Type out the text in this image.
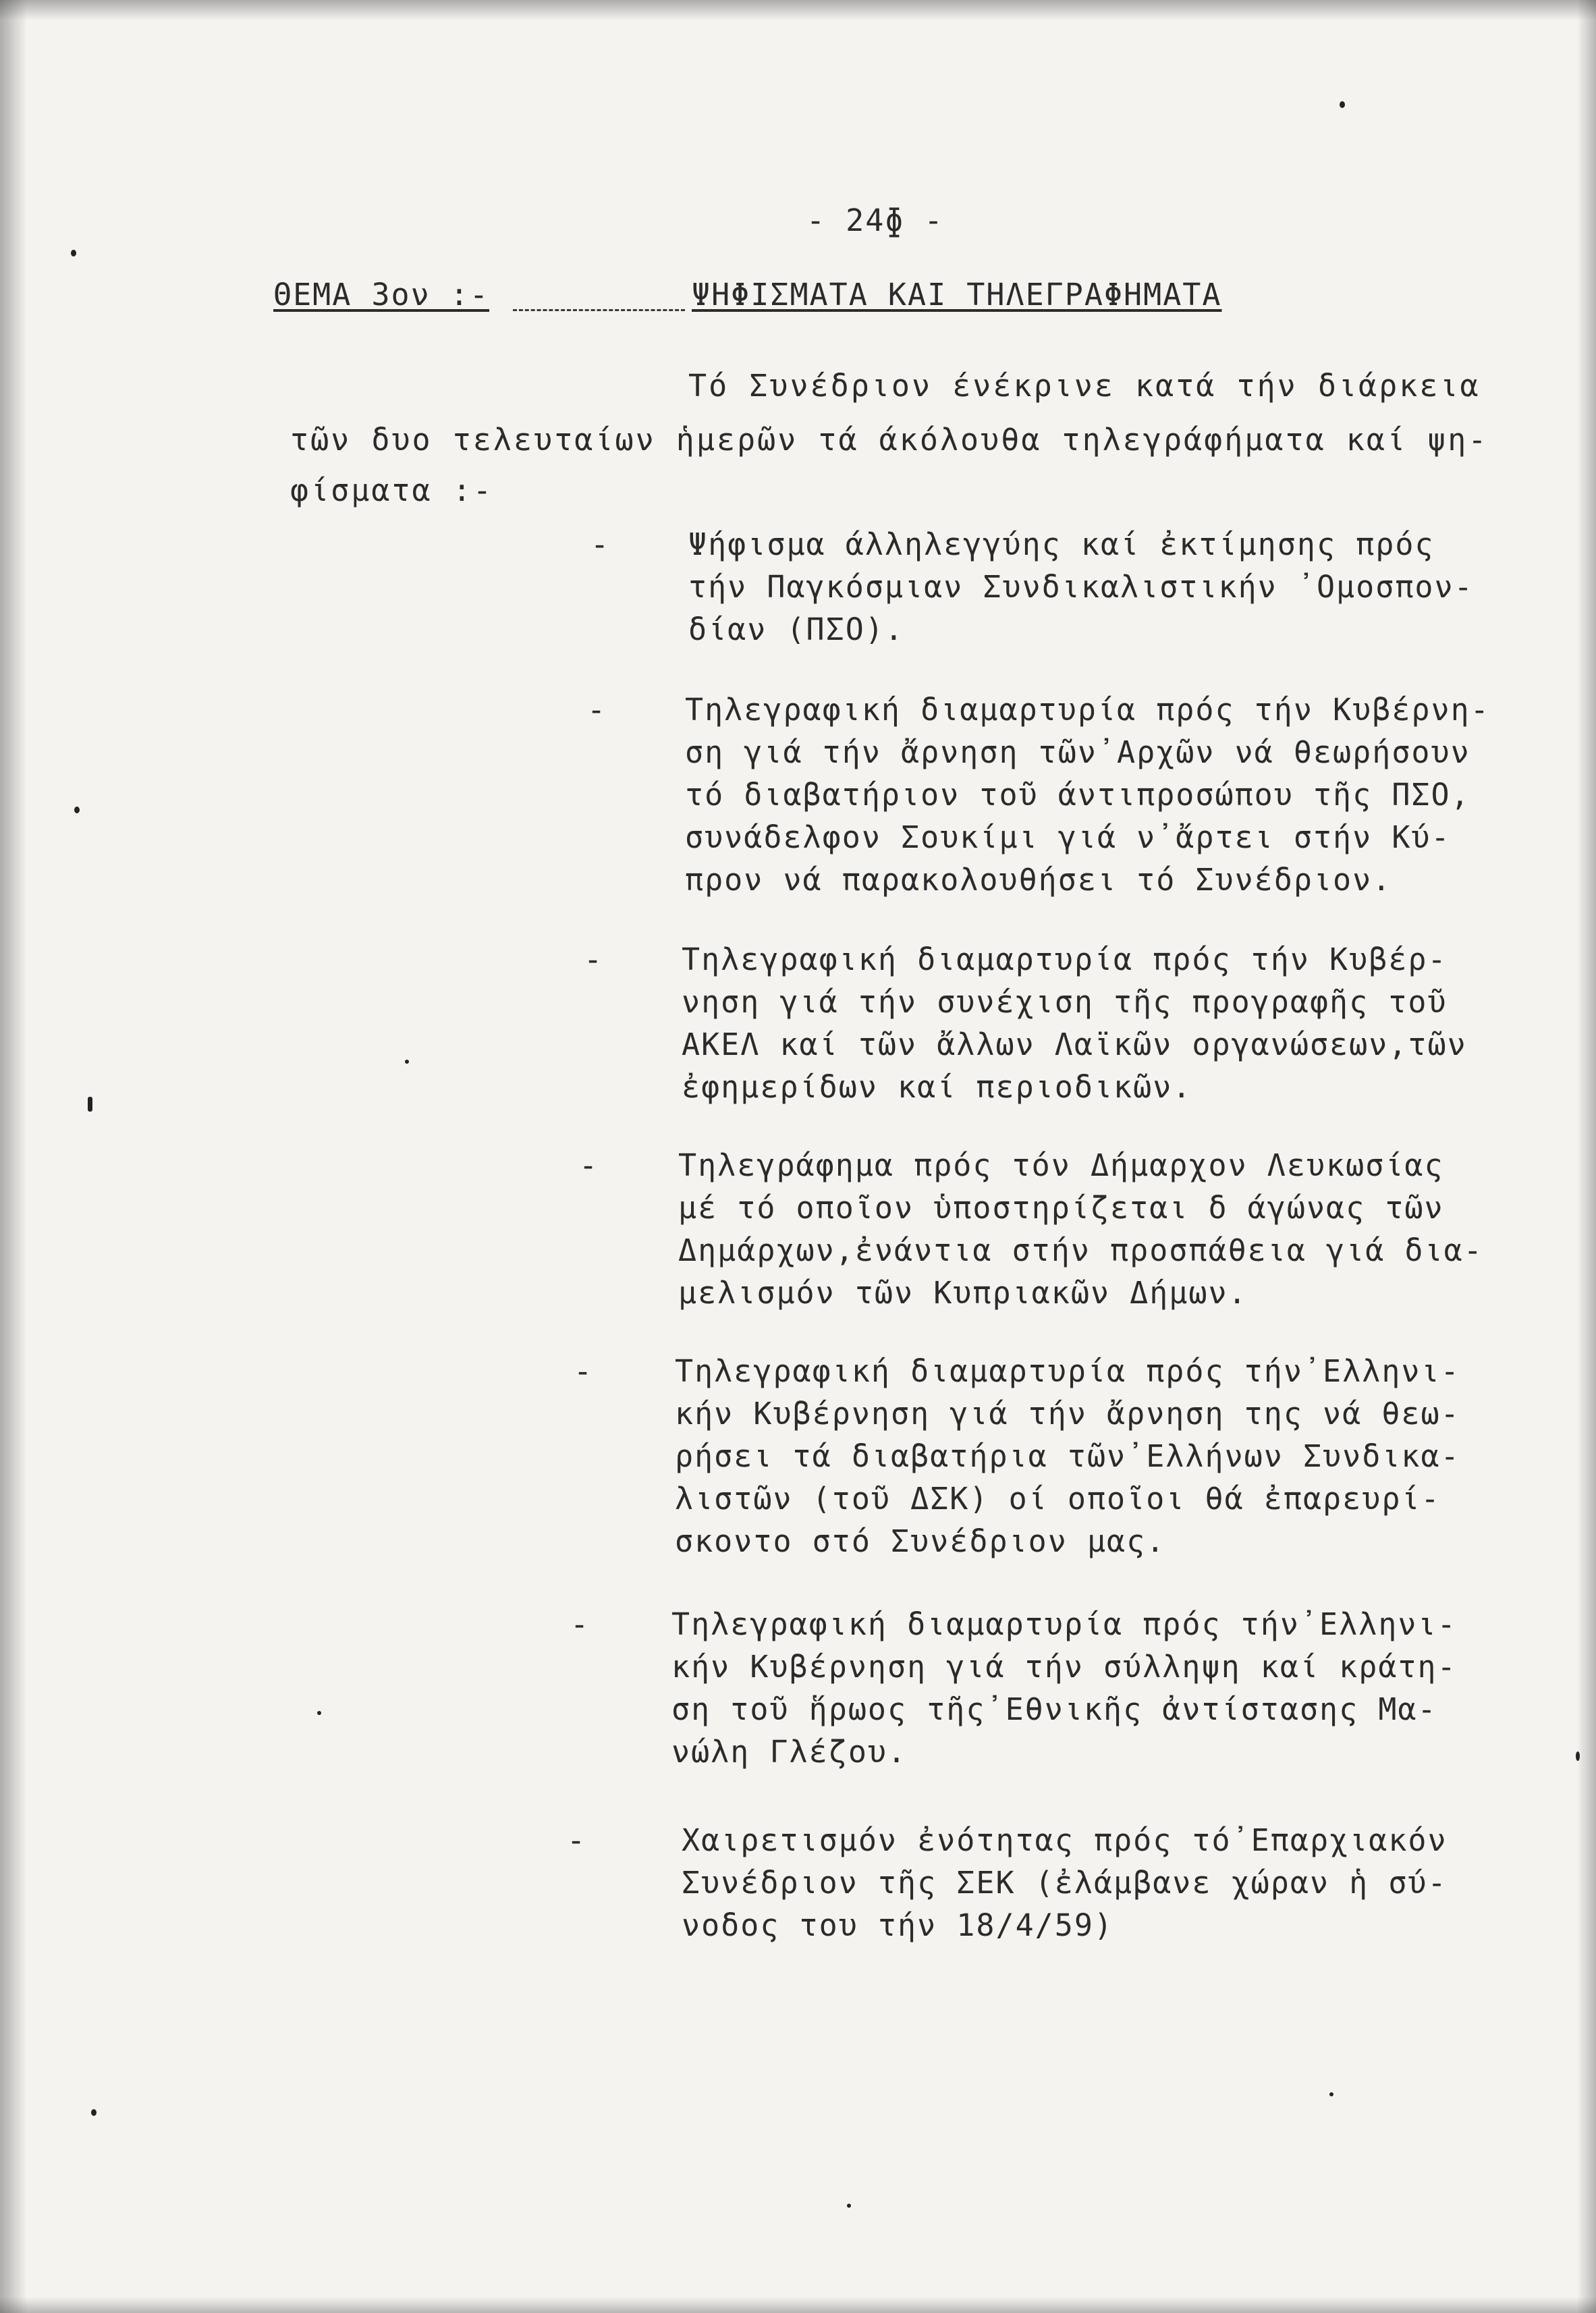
- 24ɸ -
ΘΕΜΑ 3ον :-	ΨΗΦΙΣΜΑΤΑ ΚΑΙ ΤΗΛΕΓΡΑΦΗΜΑΤΑ
Τό Συνέδριον ένέκρινε κατά τήν διάρκεια
τῶν δυο τελευταίων ἡμερῶν τά άκόλουθα τηλεγράφήματα καί ψη-
φίσματα :-
-	Ψήφισμα άλληλεγγύης καί ἐκτίμησης πρός
τήν Παγκόσμιαν Συνδικαλιστικήν ᾿Ομοσπον-
δίαν (ΠΣΟ).
-	Τηλεγραφική διαμαρτυρία πρός τήν Κυβέρνη-
ση γιά τήν ἄρνηση τῶν᾿Αρχῶν νά θεωρήσουν
τό διαβατήριον τοῦ άντιπροσώπου τῆς ΠΣΟ,
συνάδελφον Σουκίμι γιά ν᾿ἄρτει στήν Κύ-
προν νά παρακολουθήσει τό Συνέδριον.
-	Τηλεγραφική διαμαρτυρία πρός τήν Κυβέρ-
νηση γιά τήν συνέχιση τῆς προγραφῆς τοῦ
ΑΚΕΛ καί τῶν ἄλλων Λαϊκῶν οργανώσεων,τῶν
ἐφημερίδων καί περιοδικῶν.
-	Τηλεγράφημα πρός τόν Δήμαρχον Λευκωσίας
μέ τό οποῖον ὑποστηρίζεται δ άγώνας τῶν
Δημάρχων,ἐνάντια στήν προσπάθεια γιά δια-
μελισμόν τῶν Κυπριακῶν Δήμων.
-	Τηλεγραφική διαμαρτυρία πρός τήν᾿Ελληνι-
κήν Κυβέρνηση γιά τήν ἄρνηση της νά θεω-
ρήσει τά διαβατήρια τῶν᾿Ελλήνων Συνδικα-
λιστῶν (τοῦ ΔΣΚ) οί οποῖοι θά ἐπαρευρί-
σκοντο στό Συνέδριον μας.
-	Τηλεγραφική διαμαρτυρία πρός τήν᾿Ελληνι-
κήν Κυβέρνηση γιά τήν σύλληψη καί κράτη-
ση τοῦ ἥρωος τῆς᾿Εθνικῆς ἀντίστασης Μα-
νώλη Γλέζου.
-	Χαιρετισμόν ἐνότητας πρός τό᾿Επαρχιακόν
Συνέδριον τῆς ΣΕΚ (ἐλάμβανε χώραν ἡ σύ-
νοδος του τήν 18/4/59)
